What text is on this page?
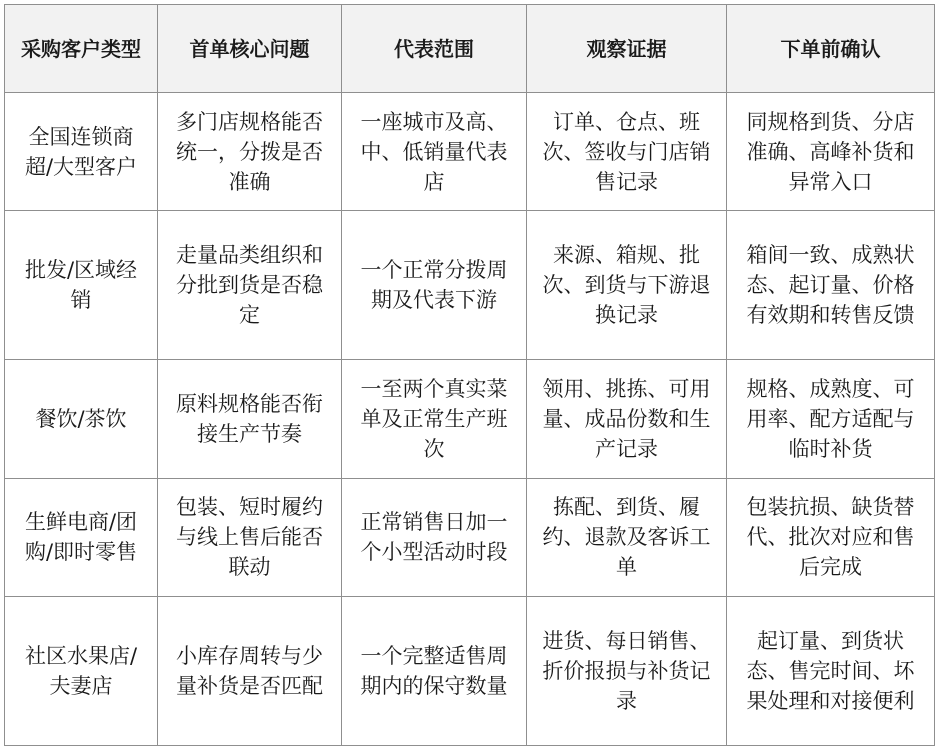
采购客户类型	首单核心问题	代表范围	观察证据	下单前确认
全国连锁商超/大型客户	多门店规格能否统一，分拨是否准确	一座城市及高、中、低销量代表店	订单、仓点、班次、签收与门店销售记录	同规格到货、分店准确、高峰补货和异常入口
批发/区域经销	走量品类组织和分批到货是否稳定	一个正常分拨周期及代表下游	来源、箱规、批次、到货与下游退换记录	箱间一致、成熟状态、起订量、价格有效期和转售反馈
餐饮/茶饮	原料规格能否衔接生产节奏	一至两个真实菜单及正常生产班次	领用、挑拣、可用量、成品份数和生产记录	规格、成熟度、可用率、配方适配与临时补货
生鲜电商/团购/即时零售	包装、短时履约与线上售后能否联动	正常销售日加一个小型活动时段	拣配、到货、履约、退款及客诉工单	包装抗损、缺货替代、批次对应和售后完成
社区水果店/夫妻店	小库存周转与少量补货是否匹配	一个完整适售周期内的保守数量	进货、每日销售、折价报损与补货记录	起订量、到货状态、售完时间、坏果处理和对接便利
